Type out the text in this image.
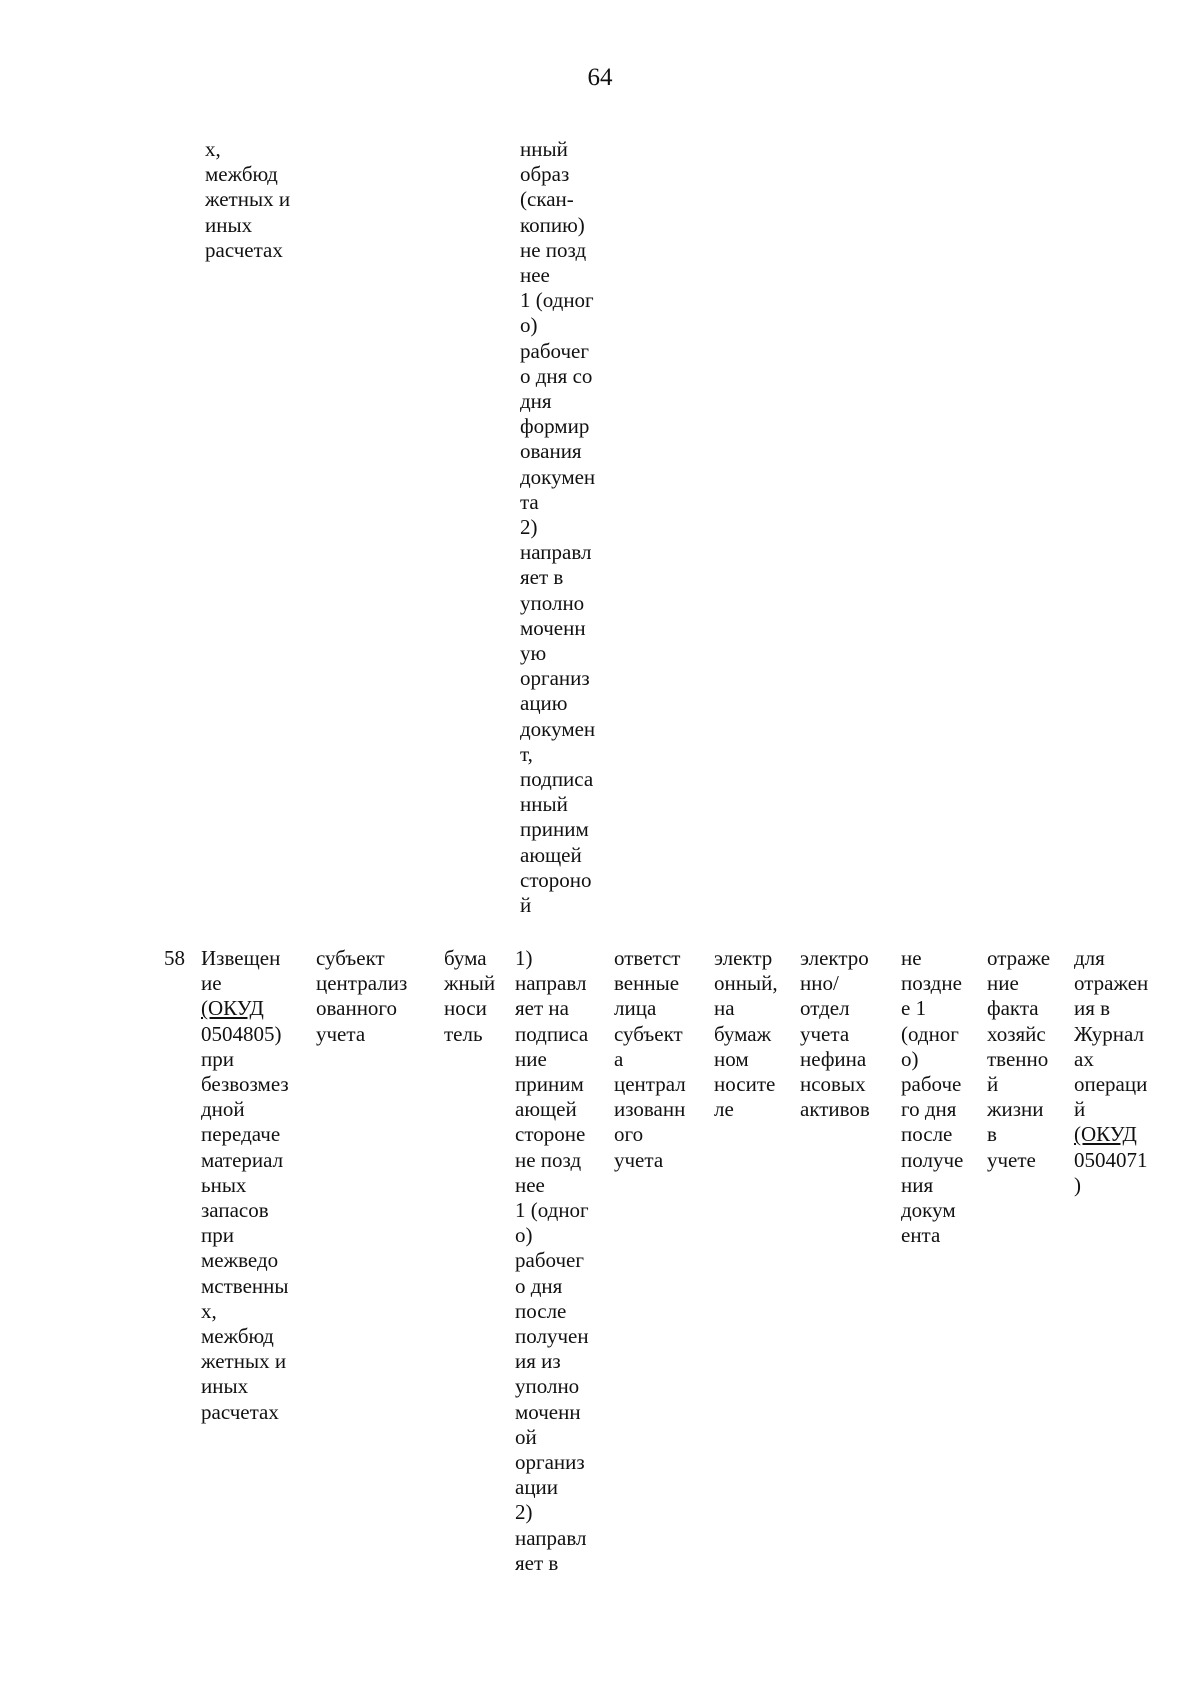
64
х,
межбюд
жетных и
иных
расчетах
нный
образ
(скан-
копию)
не позд
нее
1 (одног
о)
рабочег
о дня со
дня
формир
ования
докумен
та
2)
направл
яет в
уполно
моченн
ую
организ
ацию
докумен
т,
подписа
нный
приним
ающей
стороно
й
58 Извещен
ие
(ОКУД
0504805)
при
безвозмез
дной
передаче
материал
ьных
запасов
при
межведо
мственны
х,
межбюд
жетных и
иных
расчетах
субъект
централиз
ованного
учета
бума
жный
носи
тель
1)
направл
яет на
подписа
ние
приним
ающей
стороне
не позд
нее
1 (одног
о)
рабочег
о дня
после
получен
ия из
уполно
моченн
ой
организ
ации
2)
направл
яет в
ответст
венные
лица
субъект
а
централ
изованн
ого
учета
электр
онный,
на
бумаж
ном
носите
ле
электро
нно/
отдел
учета
нефина
нсовых
активов
не
поздне
е 1
(одног
о)
рабоче
го дня
после
получе
ния
докум
ента
отраже
ние
факта
хозяйс
твенно
й
жизни
в
учете
для
отражен
ия в
Журнал
ах
операци
й
(ОКУД
0504071
)
